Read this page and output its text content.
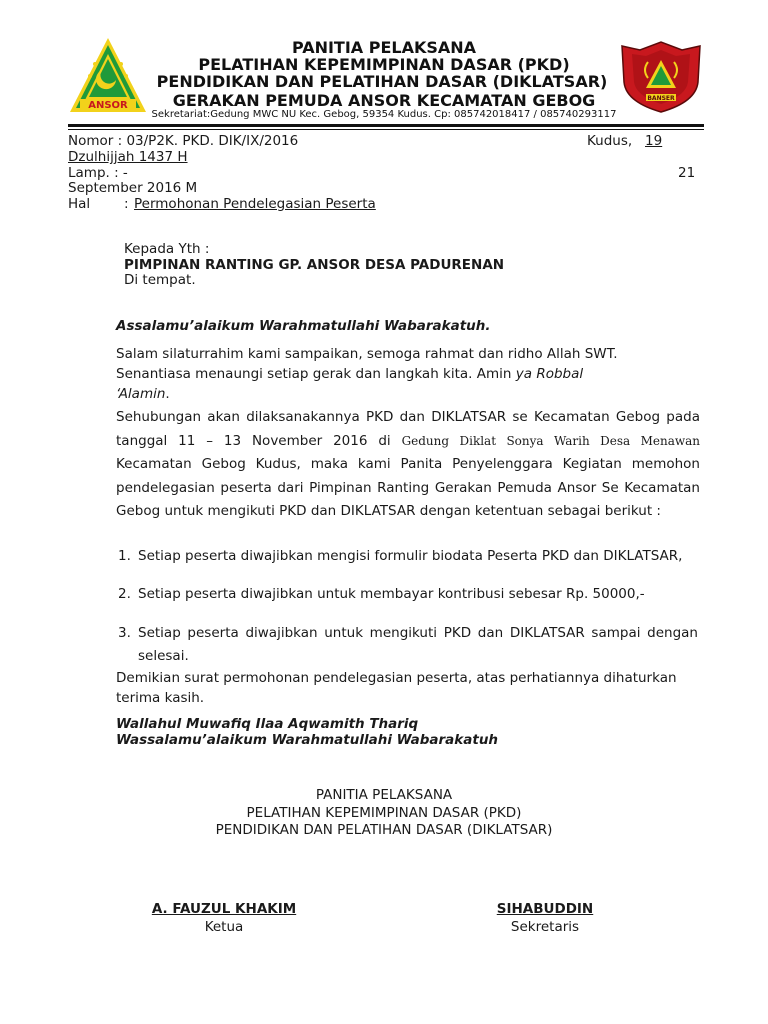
ANSOR
BANSER
PANITIA PELAKSANA
PELATIHAN KEPEMIMPINAN DASAR (PKD)
PENDIDIKAN DAN PELATIHAN DASAR (DIKLATSAR)
GERAKAN PEMUDA ANSOR KECAMATAN GEBOG
Sekretariat:Gedung MWC NU Kec. Gebog, 59354 Kudus. Cp: 085742018417 / 085740293117
Nomor : 03/P2K. PKD. DIK/IX/2016	Kudus, 19
Dzulhijjah 1437 H
Lamp. : -	21
September 2016 M
Hal	: Permohonan Pendelegasian Peserta
Kepada Yth :
PIMPINAN RANTING GP. ANSOR DESA PADURENAN
Di tempat.
Assalamu’alaikum Warahmatullahi Wabarakatuh.
Salam silaturrahim kami sampaikan, semoga rahmat dan ridho Allah SWT.
Senantiasa menaungi setiap gerak dan langkah kita. Amin ya Robbal
‘Alamin.
Sehubungan akan dilaksanakannya PKD dan DIKLATSAR se Kecamatan Gebog pada tanggal 11 – 13 November 2016 di Gedung Diklat Sonya Warih Desa Menawan Kecamatan Gebog Kudus, maka kami Panita Penyelenggara Kegiatan memohon pendelegasian peserta dari Pimpinan Ranting Gerakan Pemuda Ansor Se Kecamatan Gebog untuk mengikuti PKD dan DIKLATSAR dengan ketentuan sebagai berikut :
1. Setiap peserta diwajibkan mengisi formulir biodata Peserta PKD dan DIKLATSAR,
2. Setiap peserta diwajibkan untuk membayar kontribusi sebesar Rp. 50000,-
3. Setiap peserta diwajibkan untuk mengikuti PKD dan DIKLATSAR sampai dengan selesai.
Demikian surat permohonan pendelegasian peserta, atas perhatiannya dihaturkan terima kasih.
Wallahul Muwafiq Ilaa Aqwamith Thariq
Wassalamu’alaikum Warahmatullahi Wabarakatuh
PANITIA PELAKSANA
PELATIHAN KEPEMIMPINAN DASAR (PKD)
PENDIDIKAN DAN PELATIHAN DASAR (DIKLATSAR)
A. FAUZUL KHAKIM
Ketua
SIHABUDDIN
Sekretaris
